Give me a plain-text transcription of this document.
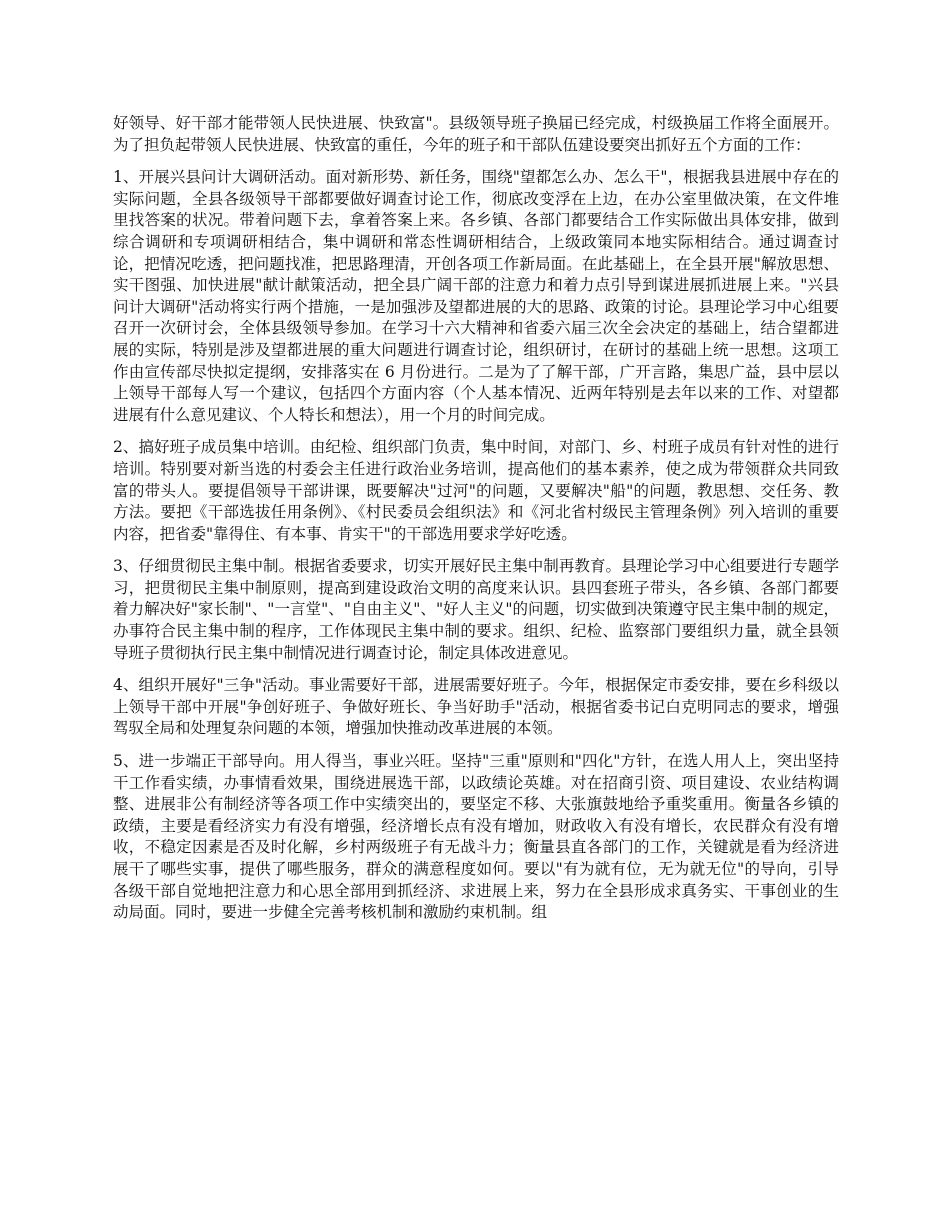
好领导、好干部才能带领人民快进展、快致富"。县级领导班子换届已经完成，村级换届工作将全面展开。为了担负起带领人民快进展、快致富的重任，今年的班子和干部队伍建设要突出抓好五个方面的工作：

1、开展兴县问计大调研活动。面对新形势、新任务，围绕"望都怎么办、怎么干"，根据我县进展中存在的实际问题，全县各级领导干部都要做好调查讨论工作，彻底改变浮在上边，在办公室里做决策，在文件堆里找答案的状况。带着问题下去，拿着答案上来。各乡镇、各部门都要结合工作实际做出具体安排，做到综合调研和专项调研相结合，集中调研和常态性调研相结合，上级政策同本地实际相结合。通过调查讨论，把情况吃透，把问题找准，把思路理清，开创各项工作新局面。在此基础上，在全县开展"解放思想、实干图强、加快进展"献计献策活动，把全县广阔干部的注意力和着力点引导到谋进展抓进展上来。"兴县问计大调研"活动将实行两个措施，一是加强涉及望都进展的大的思路、政策的讨论。县理论学习中心组要召开一次研讨会，全体县级领导参加。在学习十六大精神和省委六届三次全会决定的基础上，结合望都进展的实际，特别是涉及望都进展的重大问题进行调查讨论，组织研讨，在研讨的基础上统一思想。这项工作由宣传部尽快拟定提纲，安排落实在 6 月份进行。二是为了了解干部，广开言路，集思广益，县中层以上领导干部每人写一个建议，包括四个方面内容（个人基本情况、近两年特别是去年以来的工作、对望都进展有什么意见建议、个人特长和想法），用一个月的时间完成。

2、搞好班子成员集中培训。由纪检、组织部门负责，集中时间，对部门、乡、村班子成员有针对性的进行培训。特别要对新当选的村委会主任进行政治业务培训，提高他们的基本素养，使之成为带领群众共同致富的带头人。要提倡领导干部讲课，既要解决"过河"的问题，又要解决"船"的问题，教思想、交任务、教方法。要把《干部选拔任用条例》、《村民委员会组织法》和《河北省村级民主管理条例》列入培训的重要内容，把省委"靠得住、有本事、肯实干"的干部选用要求学好吃透。

3、仔细贯彻民主集中制。根据省委要求，切实开展好民主集中制再教育。县理论学习中心组要进行专题学习，把贯彻民主集中制原则，提高到建设政治文明的高度来认识。县四套班子带头，各乡镇、各部门都要着力解决好"家长制"、"一言堂"、"自由主义"、"好人主义"的问题，切实做到决策遵守民主集中制的规定，办事符合民主集中制的程序，工作体现民主集中制的要求。组织、纪检、监察部门要组织力量，就全县领导班子贯彻执行民主集中制情况进行调查讨论，制定具体改进意见。

4、组织开展好"三争"活动。事业需要好干部，进展需要好班子。今年，根据保定市委安排，要在乡科级以上领导干部中开展"争创好班子、争做好班长、争当好助手"活动，根据省委书记白克明同志的要求，增强驾驭全局和处理复杂问题的本领，增强加快推动改革进展的本领。

5、进一步端正干部导向。用人得当，事业兴旺。坚持"三重"原则和"四化"方针，在选人用人上，突出坚持干工作看实绩，办事情看效果，围绕进展选干部，以政绩论英雄。对在招商引资、项目建设、农业结构调整、进展非公有制经济等各项工作中实绩突出的，要坚定不移、大张旗鼓地给予重奖重用。衡量各乡镇的政绩，主要是看经济实力有没有增强，经济增长点有没有增加，财政收入有没有增长，农民群众有没有增收，不稳定因素是否及时化解，乡村两级班子有无战斗力；衡量县直各部门的工作，关键就是看为经济进展干了哪些实事，提供了哪些服务，群众的满意程度如何。要以"有为就有位，无为就无位"的导向，引导各级干部自觉地把注意力和心思全部用到抓经济、求进展上来，努力在全县形成求真务实、干事创业的生动局面。同时，要进一步健全完善考核机制和激励约束机制。组
